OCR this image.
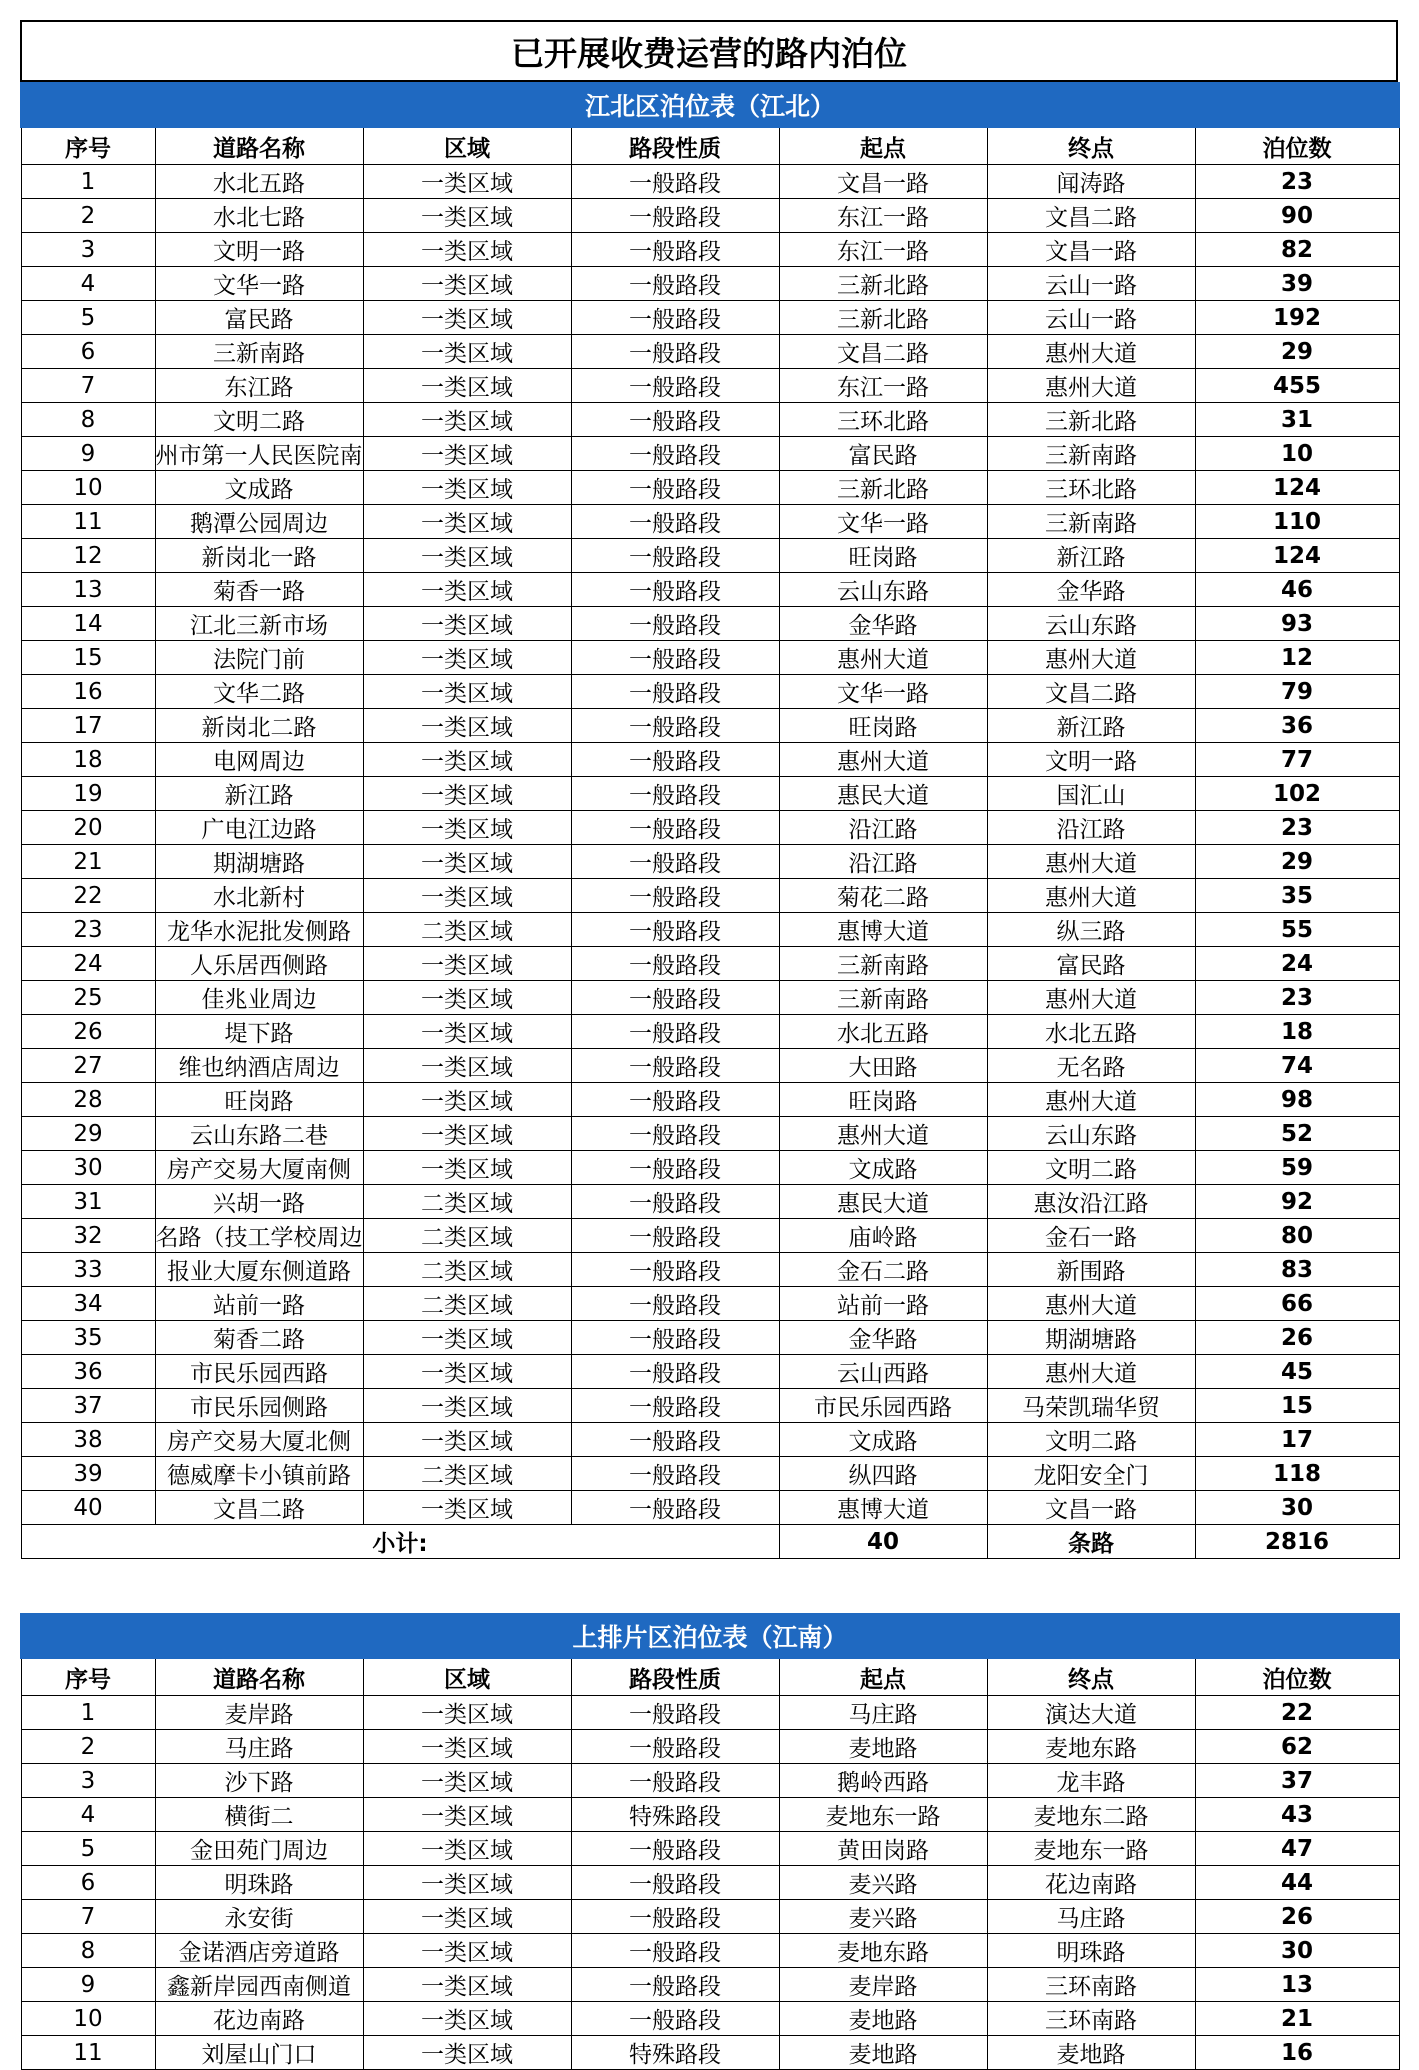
已开展收费运营的路内泊位
江北区泊位表（江北）						
序号	道路名称	区域	路段性质	起点	终点	泊位数
1	水北五路	一类区域	一般路段	文昌一路	闻涛路	23
2	水北七路	一类区域	一般路段	东江一路	文昌二路	90
3	文明一路	一类区域	一般路段	东江一路	文昌一路	82
4	文华一路	一类区域	一般路段	三新北路	云山一路	39
5	富民路	一类区域	一般路段	三新北路	云山一路	192
6	三新南路	一类区域	一般路段	文昌二路	惠州大道	29
7	东江路	一类区域	一般路段	东江一路	惠州大道	455
8	文明二路	一类区域	一般路段	三环北路	三新北路	31
9	州市第一人民医院南	一类区域	一般路段	富民路	三新南路	10
10	文成路	一类区域	一般路段	三新北路	三环北路	124
11	鹅潭公园周边	一类区域	一般路段	文华一路	三新南路	110
12	新岗北一路	一类区域	一般路段	旺岗路	新江路	124
13	菊香一路	一类区域	一般路段	云山东路	金华路	46
14	江北三新市场	一类区域	一般路段	金华路	云山东路	93
15	法院门前	一类区域	一般路段	惠州大道	惠州大道	12
16	文华二路	一类区域	一般路段	文华一路	文昌二路	79
17	新岗北二路	一类区域	一般路段	旺岗路	新江路	36
18	电网周边	一类区域	一般路段	惠州大道	文明一路	77
19	新江路	一类区域	一般路段	惠民大道	国汇山	102
20	广电江边路	一类区域	一般路段	沿江路	沿江路	23
21	期湖塘路	一类区域	一般路段	沿江路	惠州大道	29
22	水北新村	一类区域	一般路段	菊花二路	惠州大道	35
23	龙华水泥批发侧路	二类区域	一般路段	惠博大道	纵三路	55
24	人乐居西侧路	一类区域	一般路段	三新南路	富民路	24
25	佳兆业周边	一类区域	一般路段	三新南路	惠州大道	23
26	堤下路	一类区域	一般路段	水北五路	水北五路	18
27	维也纳酒店周边	一类区域	一般路段	大田路	无名路	74
28	旺岗路	一类区域	一般路段	旺岗路	惠州大道	98
29	云山东路二巷	一类区域	一般路段	惠州大道	云山东路	52
30	房产交易大厦南侧	一类区域	一般路段	文成路	文明二路	59
31	兴胡一路	二类区域	一般路段	惠民大道	惠汝沿江路	92
32	名路（技工学校周边	二类区域	一般路段	庙岭路	金石一路	80
33	报业大厦东侧道路	二类区域	一般路段	金石二路	新围路	83
34	站前一路	二类区域	一般路段	站前一路	惠州大道	66
35	菊香二路	一类区域	一般路段	金华路	期湖塘路	26
36	市民乐园西路	一类区域	一般路段	云山西路	惠州大道	45
37	市民乐园侧路	一类区域	一般路段	市民乐园西路	马荣凯瑞华贸	15
38	房产交易大厦北侧	一类区域	一般路段	文成路	文明二路	17
39	德威摩卡小镇前路	二类区域	一般路段	纵四路	龙阳安全门	118
40	文昌二路	一类区域	一般路段	惠博大道	文昌一路	30
小计:				40	条路	2816
上排片区泊位表（江南）						
序号	道路名称	区域	路段性质	起点	终点	泊位数
1	麦岸路	一类区域	一般路段	马庄路	演达大道	22
2	马庄路	一类区域	一般路段	麦地路	麦地东路	62
3	沙下路	一类区域	一般路段	鹅岭西路	龙丰路	37
4	横街二	一类区域	特殊路段	麦地东一路	麦地东二路	43
5	金田苑门周边	一类区域	一般路段	黄田岗路	麦地东一路	47
6	明珠路	一类区域	一般路段	麦兴路	花边南路	44
7	永安街	一类区域	一般路段	麦兴路	马庄路	26
8	金诺酒店旁道路	一类区域	一般路段	麦地东路	明珠路	30
9	鑫新岸园西南侧道	一类区域	一般路段	麦岸路	三环南路	13
10	花边南路	一类区域	一般路段	麦地路	三环南路	21
11	刘屋山门口	一类区域	特殊路段	麦地路	麦地路	16
